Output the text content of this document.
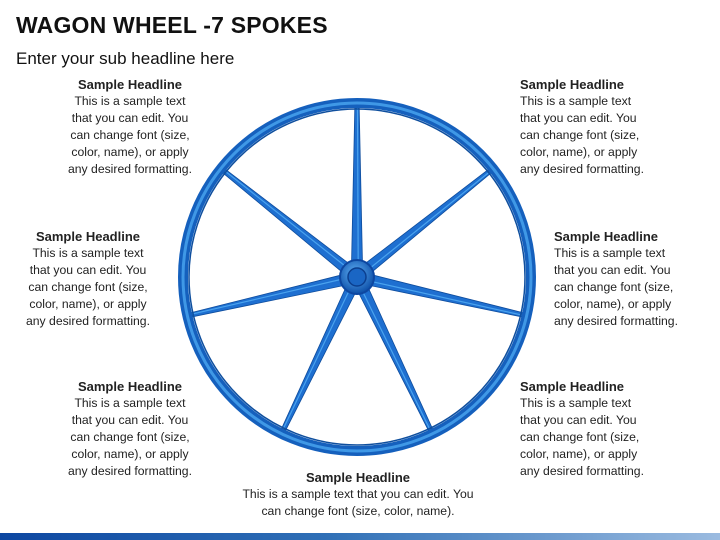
WAGON WHEEL -7 SPOKES
Enter your sub headline here
Sample Headline
This is a sample text
that you can edit. You
can change font (size,
color, name), or apply
any desired formatting.
Sample Headline
This is a sample text
that you can edit. You
can change font (size,
color, name), or apply
any desired formatting.
Sample Headline
This is a sample text
that you can edit. You
can change font (size,
color, name), or apply
any desired formatting.
Sample Headline
This is a sample text
that you can edit. You
can change font (size,
color, name), or apply
any desired formatting.
Sample Headline
This is a sample text
that you can edit. You
can change font (size,
color, name), or apply
any desired formatting.
Sample Headline
This is a sample text
that you can edit. You
can change font (size,
color, name), or apply
any desired formatting.
Sample Headline
This is a sample text that you can edit. You
can change font (size, color, name).
